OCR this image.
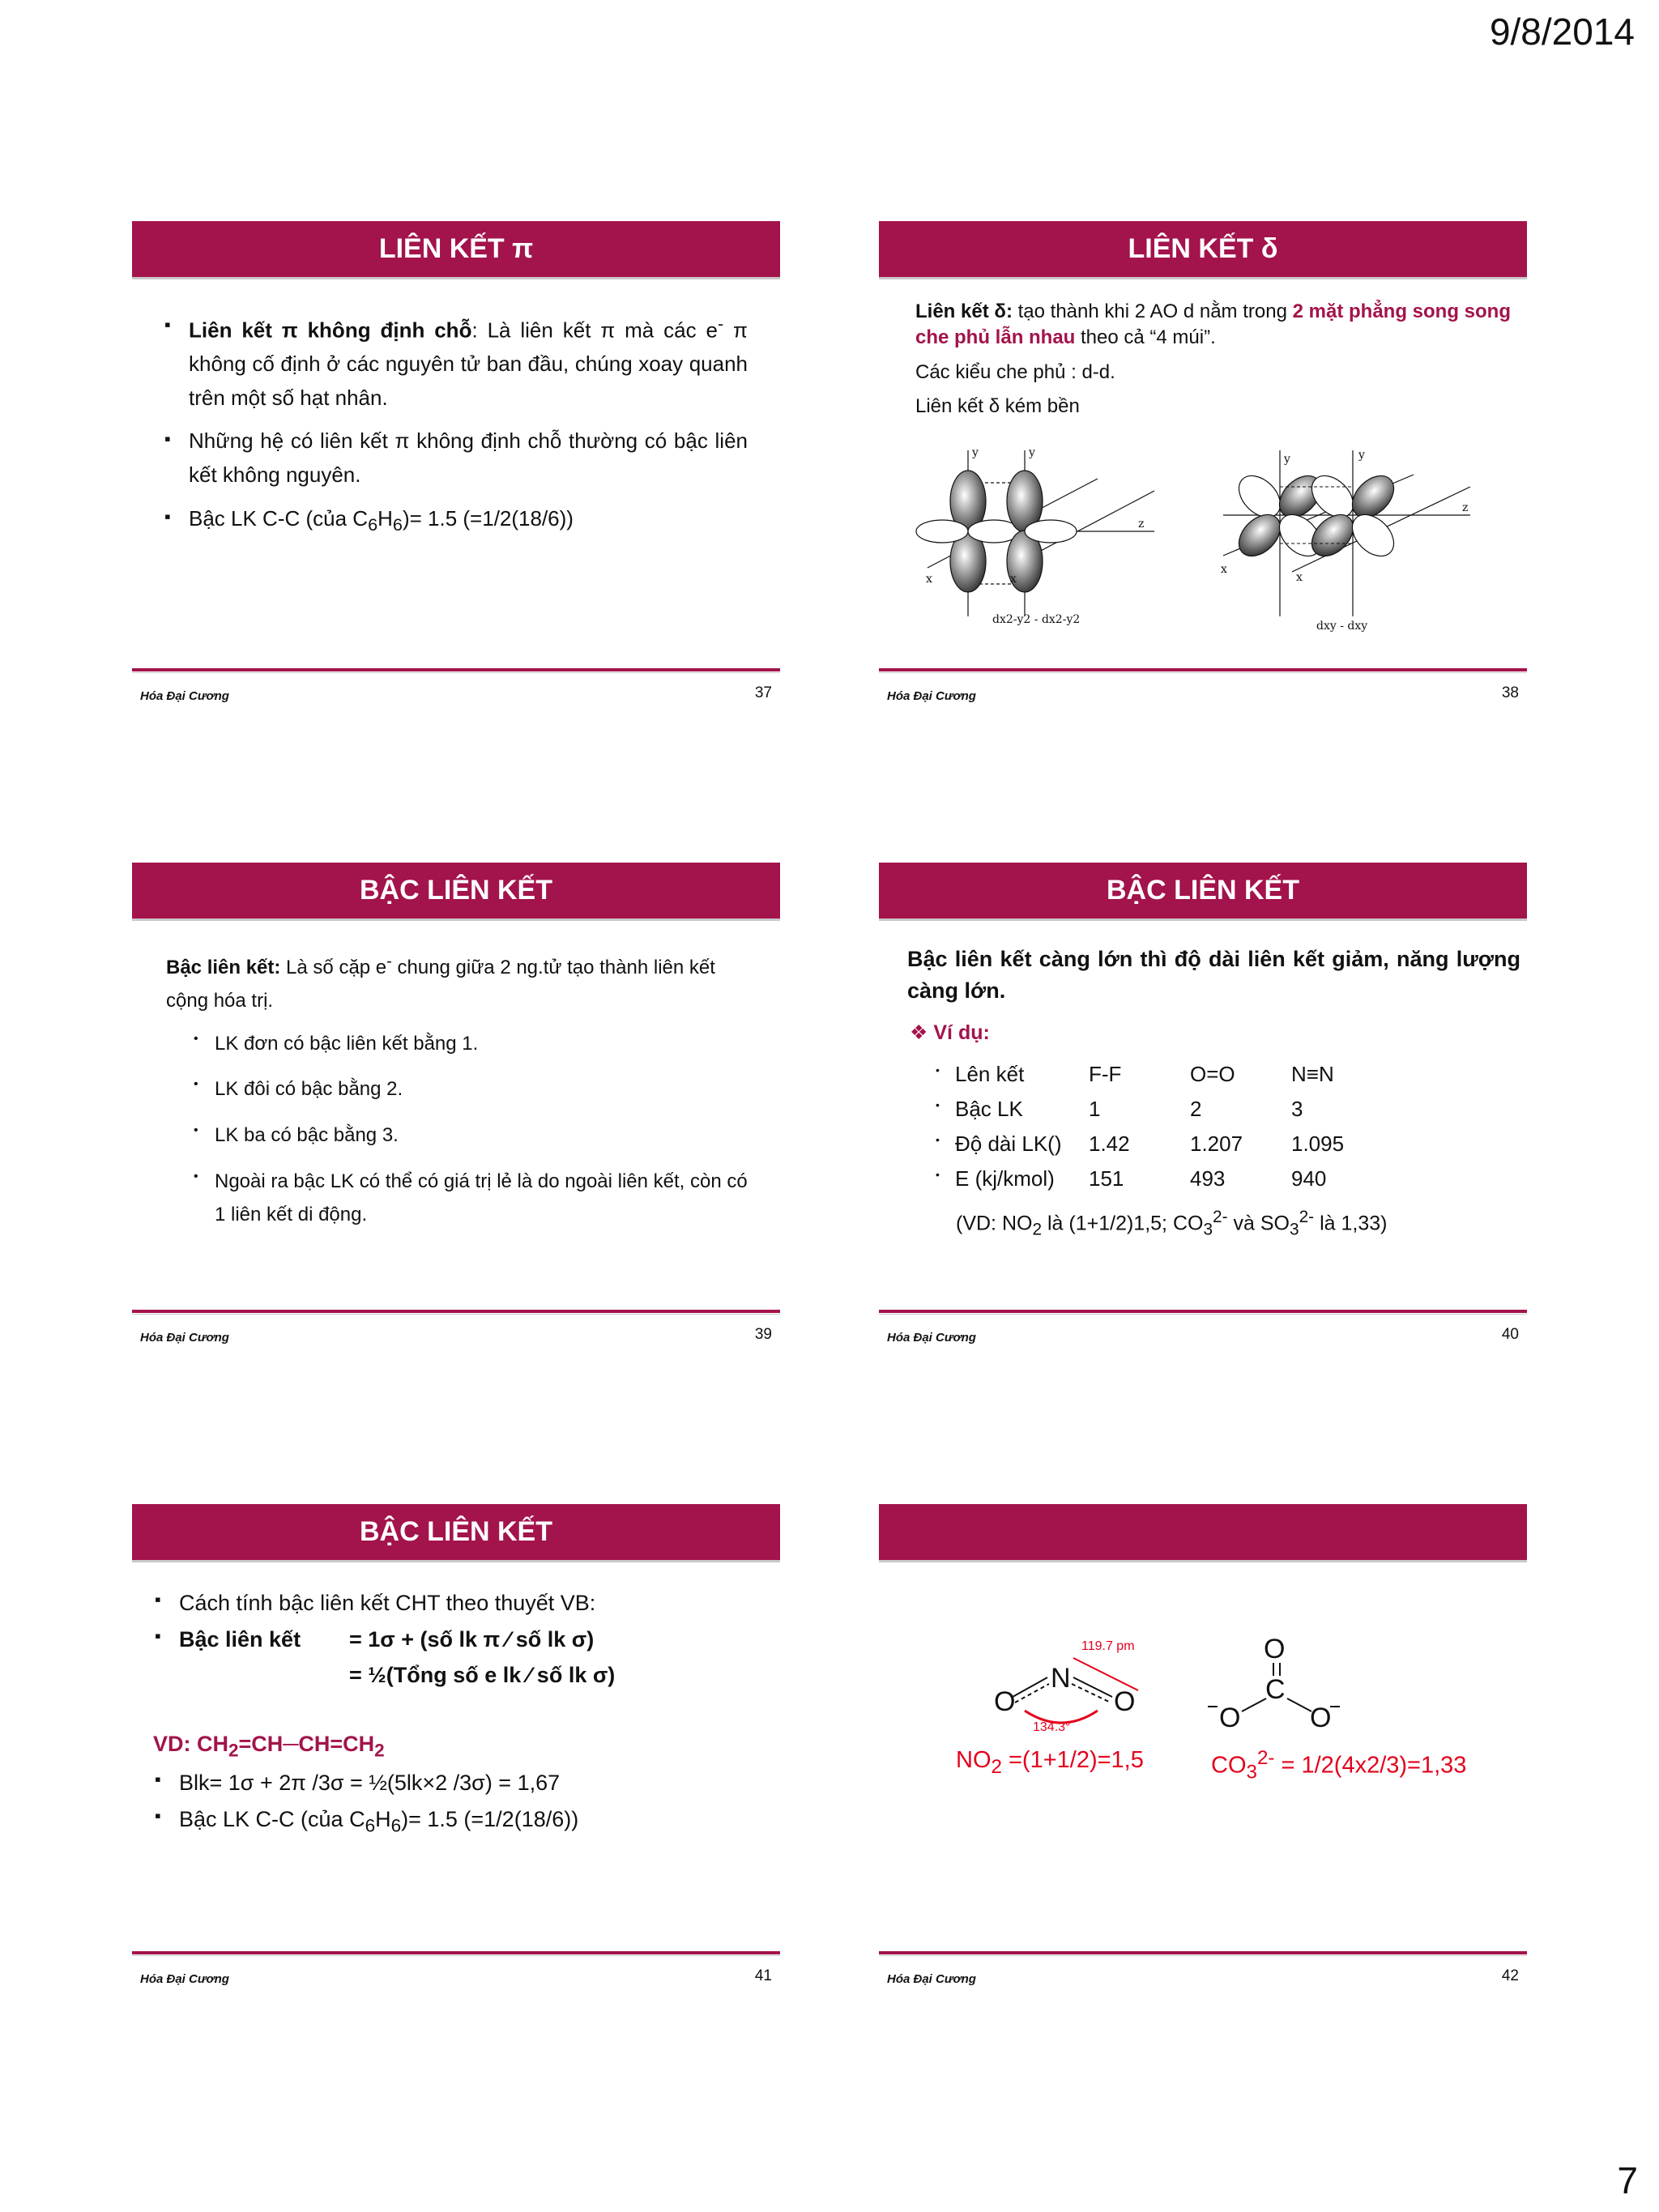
9/8/2014
LIÊN KẾT π
▪ Liên kết π không định chỗ: Là liên kết π mà các e- π không cố định ở các nguyên tử ban đầu, chúng xoay quanh trên một số hạt nhân.
▪ Những hệ có liên kết π không định chỗ thường có bậc liên kết không nguyên.
▪ Bậc LK C-C (của $C_6H_6)= 1.5$ (=1/2(18/6))
Hóa Đại Cương	37
LIÊN KẾT δ
Liên kết δ: tạo thành khi 2 AO d nằm trong 2 mặt phẳng song song che phủ lẫn nhau theo cả “4 múi”.
Các kiểu che phủ : d-d.
Liên kết δ kém bền
y	y
x	x
z
dx2-y2 - dx2-y2
y	y
x
x
z
dxy - dxy
Hóa Đại Cương	38
BẬC LIÊN KẾT
Bậc liên kết: Là số cặp e- chung giữa 2 ng.tử tạo thành liên kết cộng hóa trị.
• LK đơn có bậc liên kết bằng 1.
• LK đôi có bậc bằng 2.
• LK ba có bậc bằng 3.
• Ngoài ra bậc LK có thể có giá trị lẻ là do ngoài liên kết, còn có 1 liên kết di động.
Hóa Đại Cương	39
BẬC LIÊN KẾT
Bậc liên kết càng lớn thì độ dài liên kết giảm, năng lượng càng lớn.
❖ Ví dụ:
• Lên kết	F-F	O=O	N≡N

• Bậc LK	1	2	3

• Độ dài LK()	1.42	1.207	1.095

• E (kj/kmol)	151	493	940
(VD: $NO_2$ là (1+1/2)1,5; $CO_3^{2-}$ và $SO_3^{2-}$ là 1,33)
Hóa Đại Cương	40
BẬC LIÊN KẾT
▪ Cách tính bậc liên kết CHT theo thuyết VB:
▪ Bậc liên kết = 1σ + (số lk π ⁄ số lk σ)
= ½(Tổng số e lk ⁄ số lk σ)
VD: $CH_2=CH─CH=CH_2$
▪ Blk= 1σ + 2π /3σ = ½(5lk×2 /3σ) = 1,67
▪ Bậc LK C-C (của $C_6H_6)= 1.5$ (=1/2(18/6))
Hóa Đại Cương	41
O
N
O
O
C
O	O
119.7 pm
134.3°
$NO_2 =(1+1/2)=1,5$	$CO_3^{2-} = 1/2(4x2/3)=1,33$
Hóa Đại Cương	42
7
